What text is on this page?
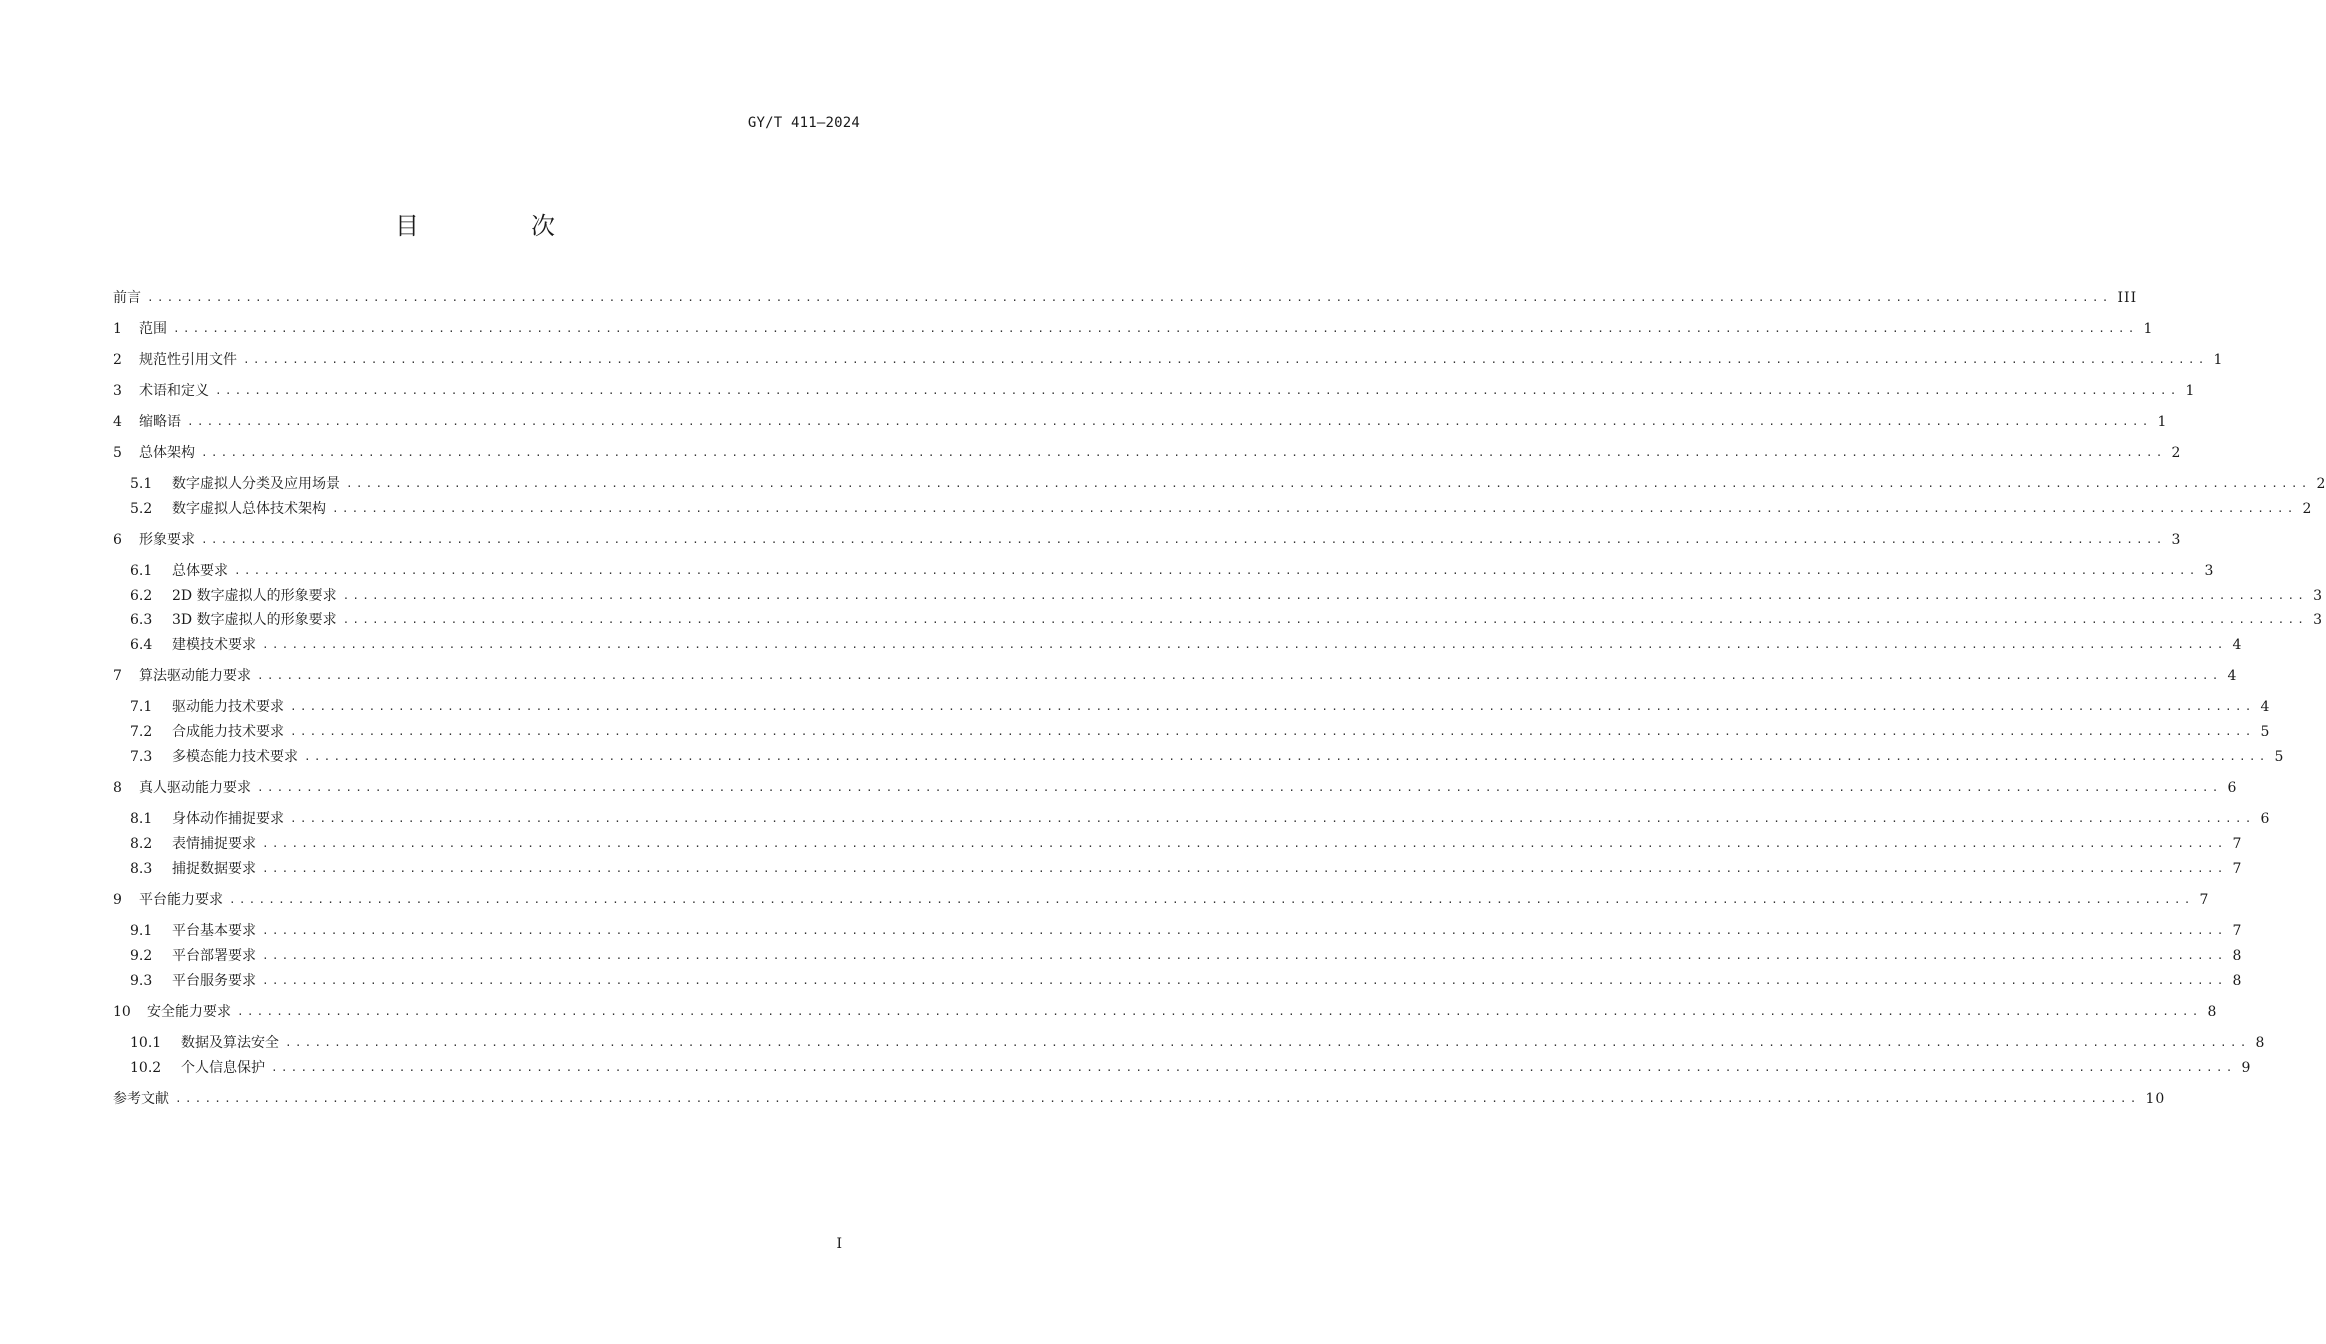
GY/T 411—2024
目　次
前言 ........................................................................................................................................................................................................ III
1 范围 ........................................................................................................................................................................................................ 1
2 规范性引用文件 ........................................................................................................................................................................................................ 1
3 术语和定义 ........................................................................................................................................................................................................ 1
4 缩略语 ........................................................................................................................................................................................................ 1
5 总体架构 ........................................................................................................................................................................................................ 2
5.1 数字虚拟人分类及应用场景 ........................................................................................................................................................................................................ 2
5.2 数字虚拟人总体技术架构 ........................................................................................................................................................................................................ 2
6 形象要求 ........................................................................................................................................................................................................ 3
6.1 总体要求 ........................................................................................................................................................................................................ 3
6.2 2D 数字虚拟人的形象要求 ........................................................................................................................................................................................................ 3
6.3 3D 数字虚拟人的形象要求 ........................................................................................................................................................................................................ 3
6.4 建模技术要求 ........................................................................................................................................................................................................ 4
7 算法驱动能力要求 ........................................................................................................................................................................................................ 4
7.1 驱动能力技术要求 ........................................................................................................................................................................................................ 4
7.2 合成能力技术要求 ........................................................................................................................................................................................................ 5
7.3 多模态能力技术要求 ........................................................................................................................................................................................................ 5
8 真人驱动能力要求 ........................................................................................................................................................................................................ 6
8.1 身体动作捕捉要求 ........................................................................................................................................................................................................ 6
8.2 表情捕捉要求 ........................................................................................................................................................................................................ 7
8.3 捕捉数据要求 ........................................................................................................................................................................................................ 7
9 平台能力要求 ........................................................................................................................................................................................................ 7
9.1 平台基本要求 ........................................................................................................................................................................................................ 7
9.2 平台部署要求 ........................................................................................................................................................................................................ 8
9.3 平台服务要求 ........................................................................................................................................................................................................ 8
10 安全能力要求 ........................................................................................................................................................................................................ 8
10.1 数据及算法安全 ........................................................................................................................................................................................................ 8
10.2 个人信息保护 ........................................................................................................................................................................................................ 9
参考文献 ........................................................................................................................................................................................................ 10
I
